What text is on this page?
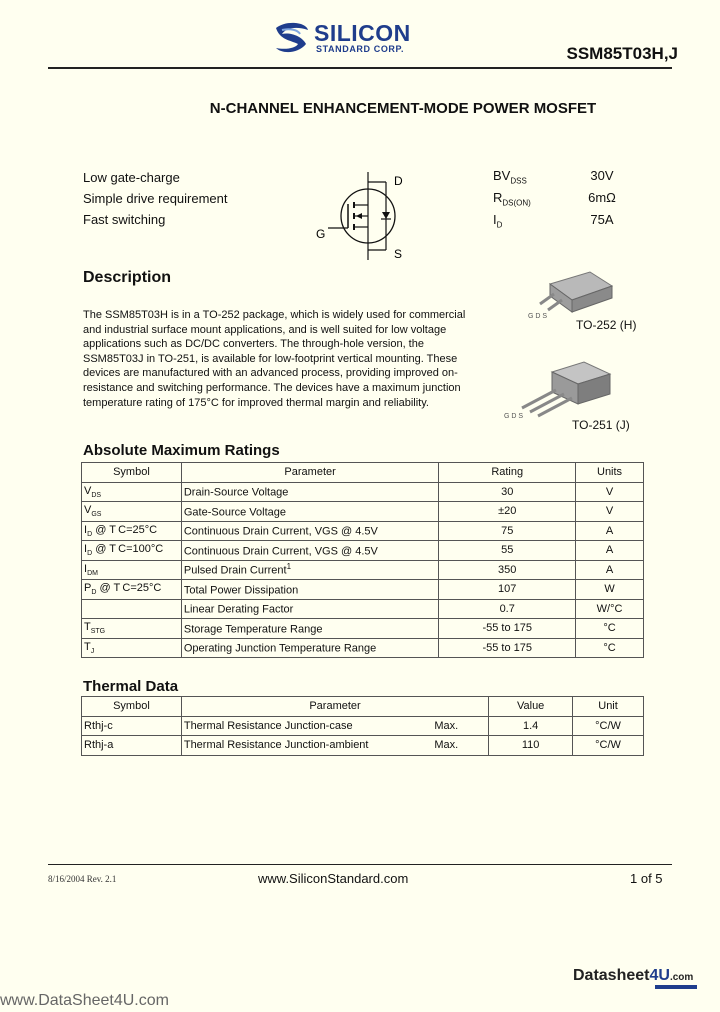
SILICON
STANDARD CORP.	SSM85T03H,J
N-CHANNEL ENHANCEMENT-MODE POWER MOSFET
Low gate-charge
Simple drive requirement
Fast switching
D
G
S
$BV_{DSS}$	30V
$R_{DS(ON)}$	6mΩ
$I_D$	75A
Description
The SSM85T03H is in a TO-252 package, which is widely used for commercial and industrial surface mount applications, and is well suited for low voltage applications such as DC/DC converters. The through-hole version, the SSM85T03J in TO-251, is available for low-footprint vertical mounting. These devices are manufactured with an advanced process, providing improved on-resistance and switching performance. The devices have a maximum junction temperature rating of 175°C for improved thermal margin and reliability.
G D S
TO-252 (H)
G D S
TO-251 (J)
Absolute Maximum Ratings
Symbol	Parameter	Rating	Units
$V_{DS}$	Drain-Source Voltage	30	V
$V_{GS}$	Gate-Source Voltage	±20	V
$I_D$ @ T C=25°C	Continuous Drain Current, VGS @ 4.5V	75	A
$I_D$ @ T C=100°C	Continuous Drain Current, VGS @ 4.5V	55	A
$I_{DM}$	Pulsed Drain Current$^1$	350	A
$P_D$ @ T C=25°C	Total Power Dissipation	107	W
	Linear Derating Factor	0.7	W/°C
$T_{STG}$	Storage Temperature Range	-55 to 175	°C
$T_J$	Operating Junction Temperature Range	-55 to 175	°C
Thermal Data
Symbol	Parameter	Value	Unit
Rthj-c	Thermal Resistance Junction-case Max.	1.4	°C/W
Rthj-a	Thermal Resistance Junction-ambient Max.	110	°C/W
8/16/2004 Rev. 2.1	www.SiliconStandard.com	1 of 5
www.DataSheet4U.com
Datasheet4U.com
